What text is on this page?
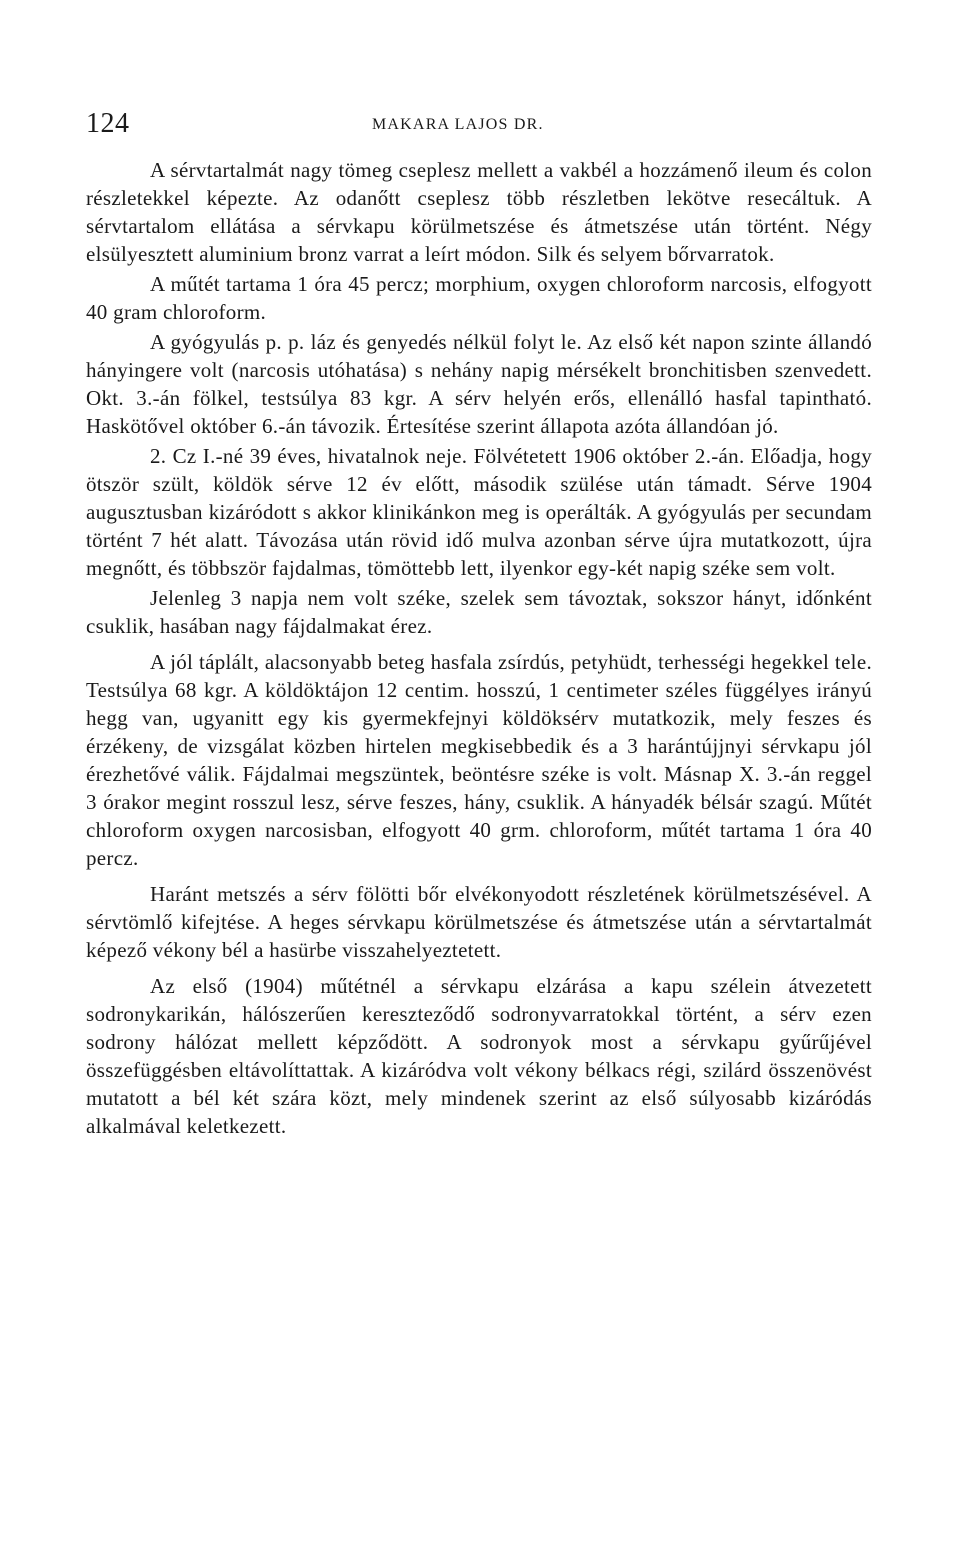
124	MAKARA LAJOS DR.

A sérvtartalmát nagy tömeg cseplesz mellett a vakbél a hozzámenő ileum és colon részletekkel képezte. Az odanőtt cseplesz több részletben lekötve resecáltuk. A sérvtartalom ellátása a sérvkapu körülmetszése és átmetszése után történt. Négy elsülyesztett aluminium bronz varrat a leírt módon. Silk és selyem bőrvarratok.

A műtét tartama 1 óra 45 percz; morphium, oxygen chloroform narcosis, elfogyott 40 gram chloroform.

A gyógyulás p. p. láz és genyedés nélkül folyt le. Az első két napon szinte állandó hányingere volt (narcosis utóhatása) s nehány napig mérsékelt bronchitisben szenvedett. Okt. 3.-án fölkel, testsúlya 83 kgr. A sérv helyén erős, ellenálló hasfal tapintható. Haskötővel október 6.-án távozik. Értesítése szerint állapota azóta állandóan jó.

2. Cz I.-né 39 éves, hivatalnok neje. Fölvétetett 1906 október 2.-án. Előadja, hogy ötször szült, köldök sérve 12 év előtt, második szülése után támadt. Sérve 1904 augusztusban kizáródott s akkor klinikánkon meg is operálták. A gyógyulás per secundam történt 7 hét alatt. Távozása után rövid idő mulva azonban sérve újra mutatkozott, újra megnőtt, és többször fajdalmas, tömöttebb lett, ilyenkor egy-két napig széke sem volt.

Jelenleg 3 napja nem volt széke, szelek sem távoztak, sokszor hányt, időnként csuklik, hasában nagy fájdalmakat érez.

A jól táplált, alacsonyabb beteg hasfala zsírdús, petyhüdt, terhességi hegekkel tele. Testsúlya 68 kgr. A köldöktájon 12 centim. hosszú, 1 centimeter széles függélyes irányú hegg van, ugyanitt egy kis gyermekfejnyi köldöksérv mutatkozik, mely feszes és érzékeny, de vizsgálat közben hirtelen megkisebbedik és a 3 harántújjnyi sérvkapu jól érezhetővé válik. Fájdalmai megszüntek, beöntésre széke is volt. Másnap X. 3.-án reggel 3 órakor megint rosszul lesz, sérve feszes, hány, csuklik. A hányadék bélsár szagú. Műtét chloroform oxygen narcosisban, elfogyott 40 grm. chloroform, műtét tartama 1 óra 40 percz.

Haránt metszés a sérv fölötti bőr elvékonyodott részletének körülmetszésével. A sérvtömlő kifejtése. A heges sérvkapu körülmetszése és átmetszése után a sérvtartalmát képező vékony bél a hasürbe visszahelyeztetett.

Az első (1904) műtétnél a sérvkapu elzárása a kapu szélein átvezetett sodronykarikán, hálószerűen kereszteződő sodronyvarratokkal történt, a sérv ezen sodrony hálózat mellett képződött. A sodronyok most a sérvkapu gyűrűjével összefüggésben eltávolíttattak. A kizáródva volt vékony bélkacs régi, szilárd összenövést mutatott a bél két szára közt, mely mindenek szerint az első súlyosabb kizáródás alkalmával keletkezett.
